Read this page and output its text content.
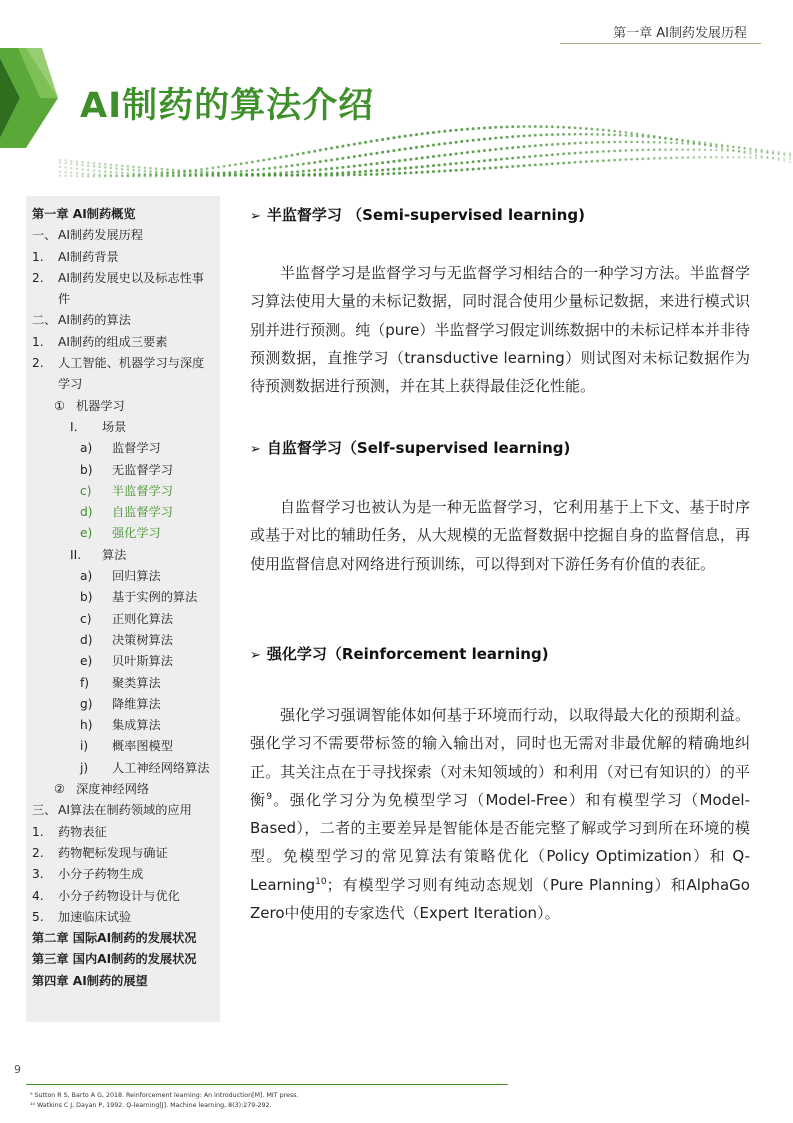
第一章 AI制药发展历程
AI制药的算法介绍
第一章 AI制药概览
一、 AI制药发展历程
1.	AI制药背景
2.	AI制药发展史以及标志性事件
二、 AI制药的算法
1.	AI制药的组成三要素
2.	人工智能、机器学习与深度学习
① 机器学习
I.	场景
a)	监督学习
b)	无监督学习
c)	半监督学习
d)	自监督学习
e)	强化学习
II.	算法
a)	回归算法
b)	基于实例的算法
c)	正则化算法
d)	决策树算法
e)	贝叶斯算法
f)	聚类算法
g)	降维算法
h)	集成算法
i)	概率图模型
j)	人工神经网络算法
② 深度神经网络
三、 AI算法在制药领域的应用
1.	药物表征
2.	药物靶标发现与确证
3.	小分子药物生成
4.	小分子药物设计与优化
5.	加速临床试验
第二章 国际AI制药的发展状况
第三章 国内AI制药的发展状况
第四章 AI制药的展望
➢ 半监督学习 （Semi-supervised learning)
半监督学习是监督学习与无监督学习相结合的一种学习方法。半监督学习算法使用大量的未标记数据，同时混合使用少量标记数据，来进行模式识别并进行预测。纯（pure）半监督学习假定训练数据中的未标记样本并非待预测数据，直推学习（transductive learning）则试图对未标记数据作为待预测数据进行预测，并在其上获得最佳泛化性能。
➢ 自监督学习（Self-supervised learning)
自监督学习也被认为是一种无监督学习，它利用基于上下文、基于时序或基于对比的辅助任务，从大规模的无监督数据中挖掘自身的监督信息，再使用监督信息对网络进行预训练，可以得到对下游任务有价值的表征。
➢ 强化学习（Reinforcement learning)
强化学习强调智能体如何基于环境而行动，以取得最大化的预期利益。强化学习不需要带标签的输入输出对，同时也无需对非最优解的精确地纠正。其关注点在于寻找探索（对未知领域的）和利用（对已有知识的）的平衡$^9$。强化学习分为免模型学习（Model-Free）和有模型学习（Model-Based），二者的主要差异是智能体是否能完整了解或学习到所在环境的模型。免模型学习的常见算法有策略优化（Policy Optimization）和 Q-Learning$^{10}$；有模型学习则有纯动态规划（Pure Planning）和AlphaGo Zero中使用的专家迭代（Expert Iteration）。
9
⁹ Sutton R S, Barto A G, 2018. Reinforcement learning: An introduction[M]. MIT press.
¹⁰ Watkins C J, Dayan P, 1992. Q-learning[J]. Machine learning, 8(3):279-292.
